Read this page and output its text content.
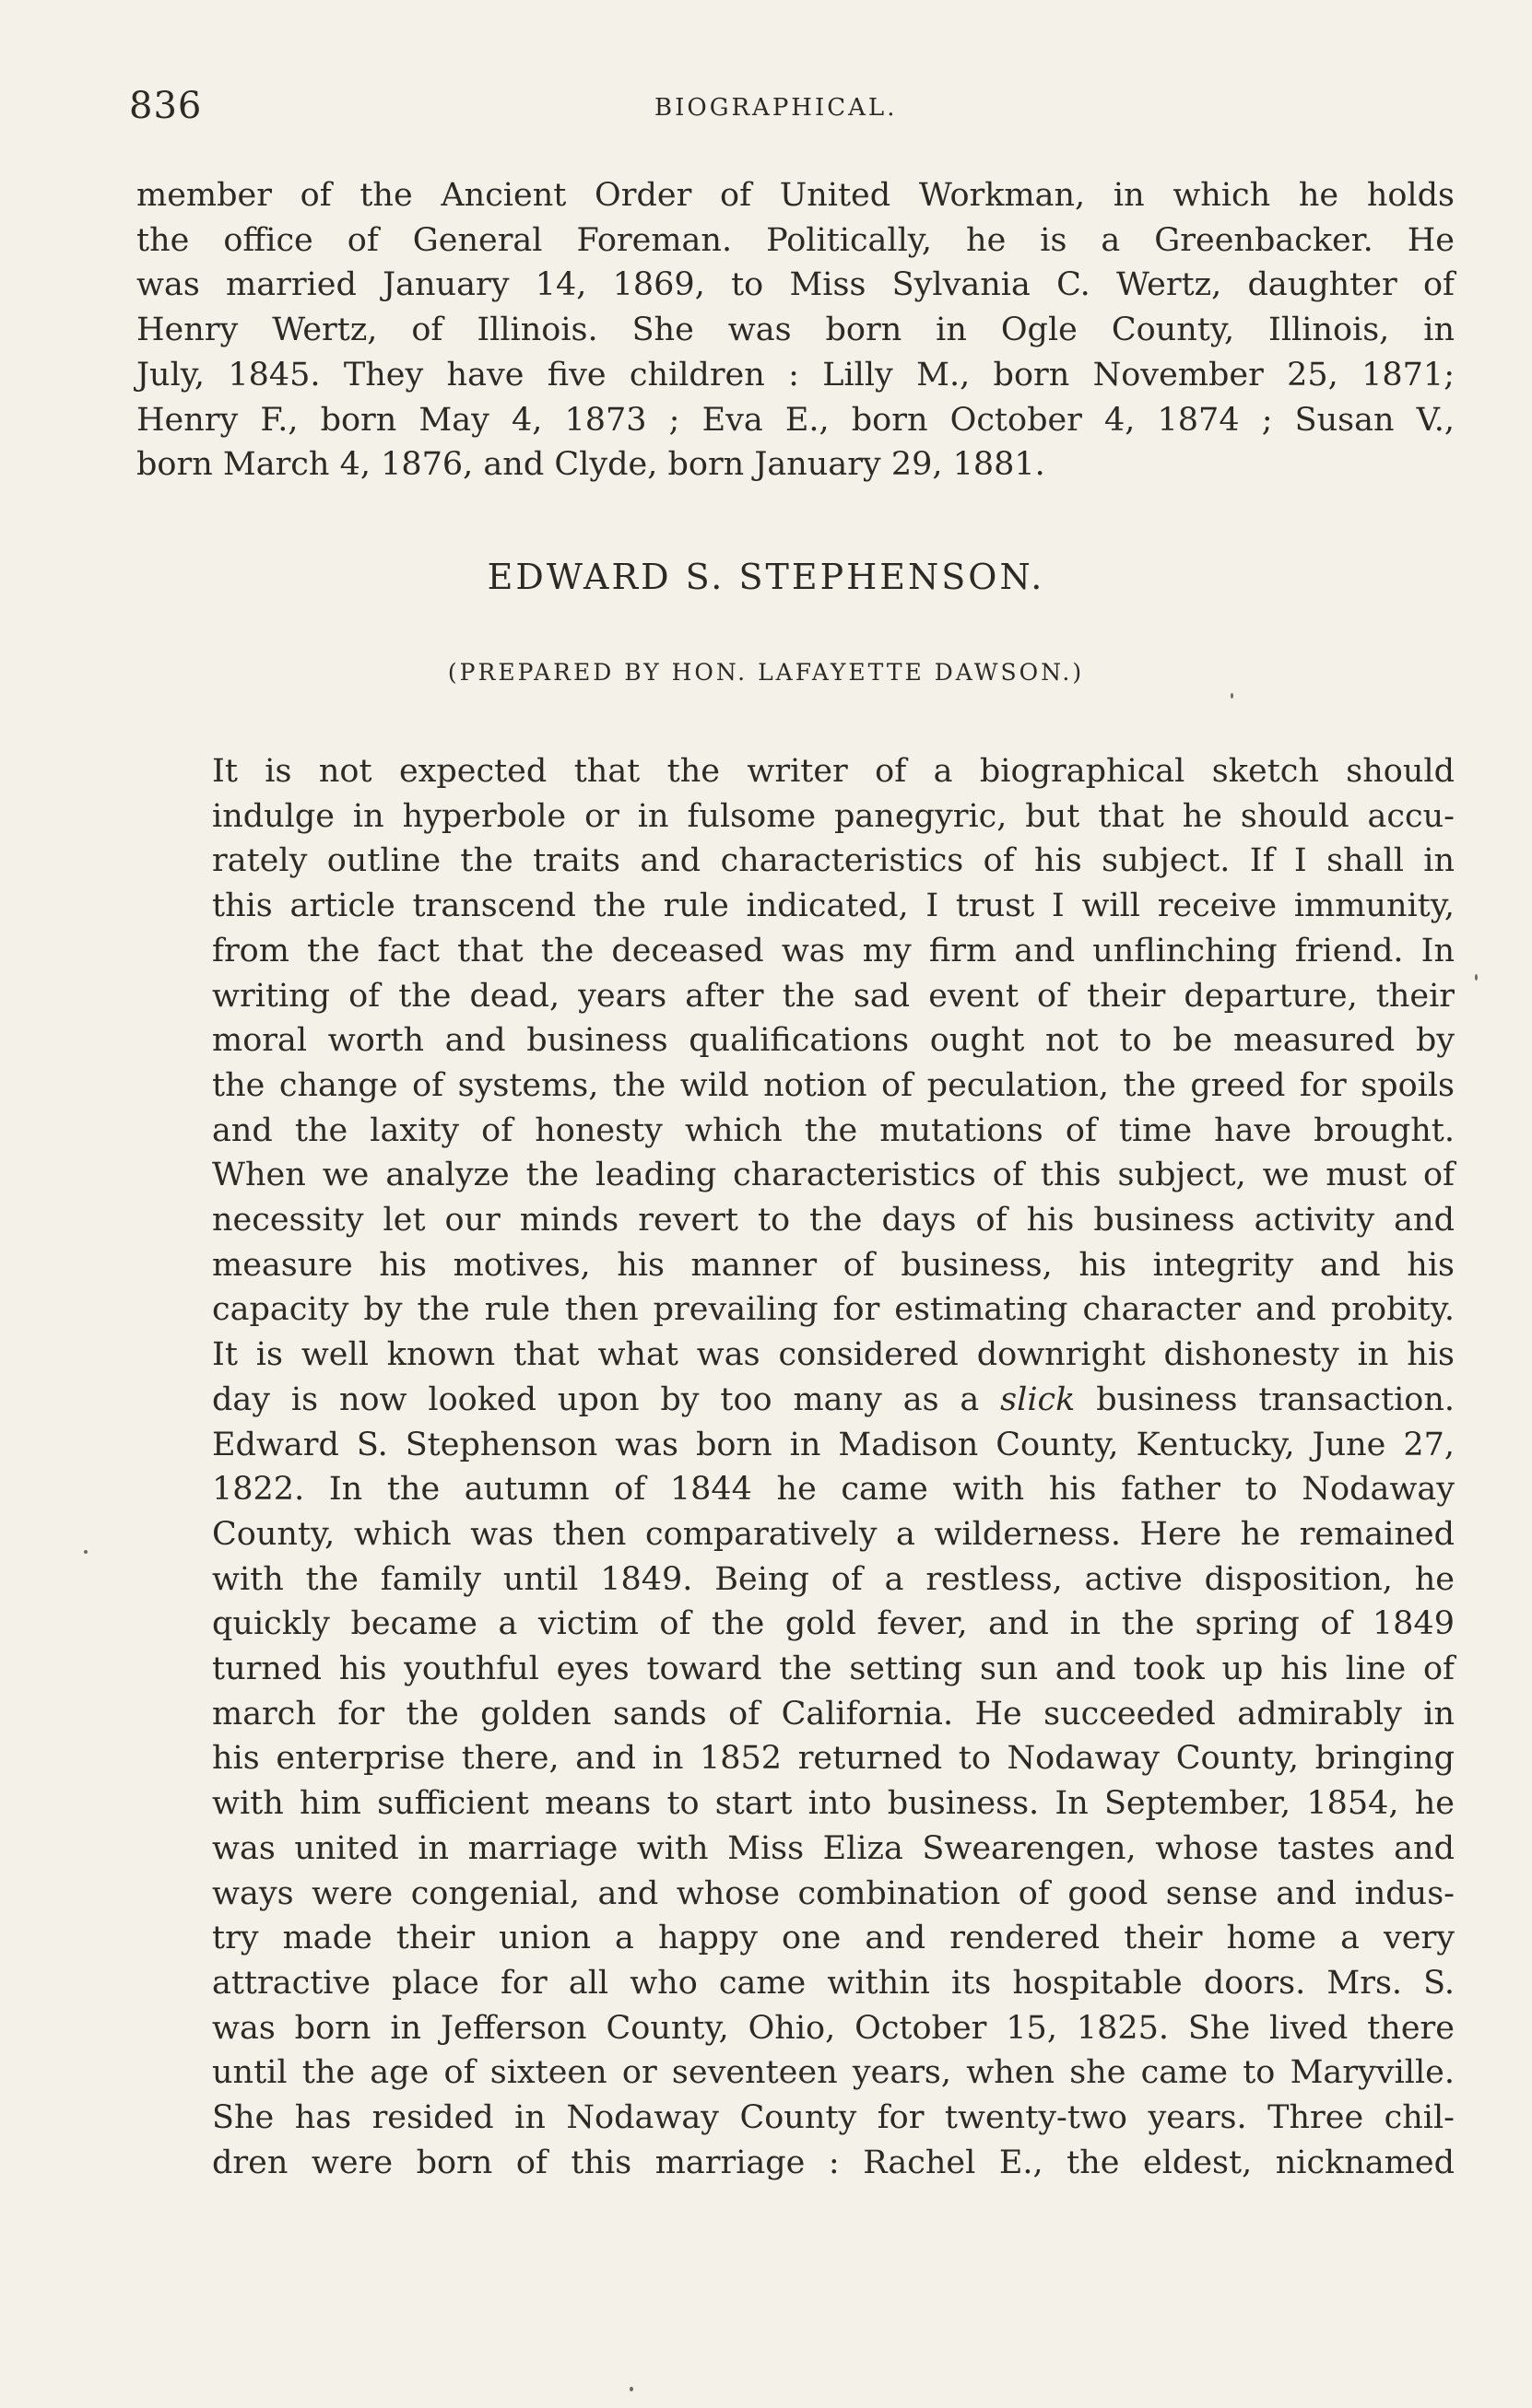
836	BIOGRAPHICAL.

member of the Ancient Order of United Workman, in which he holds
the office of General Foreman. Politically, he is a Greenbacker. He
was married January 14, 1869, to Miss Sylvania C. Wertz, daughter of
Henry Wertz, of Illinois. She was born in Ogle County, Illinois, in
July, 1845. They have five children : Lilly M., born November 25, 1871;
Henry F., born May 4, 1873 ; Eva E., born October 4, 1874 ; Susan V.,
born March 4, 1876, and Clyde, born January 29, 1881.

EDWARD S. STEPHENSON.

(PREPARED BY HON. LAFAYETTE DAWSON.)

It is not expected that the writer of a biographical sketch should
indulge in hyperbole or in fulsome panegyric, but that he should accu-
rately outline the traits and characteristics of his subject. If I shall in
this article transcend the rule indicated, I trust I will receive immunity,
from the fact that the deceased was my firm and unflinching friend. In
writing of the dead, years after the sad event of their departure, their
moral worth and business qualifications ought not to be measured by
the change of systems, the wild notion of peculation, the greed for spoils
and the laxity of honesty which the mutations of time have brought.
When we analyze the leading characteristics of this subject, we must of
necessity let our minds revert to the days of his business activity and
measure his motives, his manner of business, his integrity and his
capacity by the rule then prevailing for estimating character and probity.
It is well known that what was considered downright dishonesty in his
day is now looked upon by too many as a slick business transaction.
Edward S. Stephenson was born in Madison County, Kentucky, June 27,
1822. In the autumn of 1844 he came with his father to Nodaway
County, which was then comparatively a wilderness. Here he remained
with the family until 1849. Being of a restless, active disposition, he
quickly became a victim of the gold fever, and in the spring of 1849
turned his youthful eyes toward the setting sun and took up his line of
march for the golden sands of California. He succeeded admirably in
his enterprise there, and in 1852 returned to Nodaway County, bringing
with him sufficient means to start into business. In September, 1854, he
was united in marriage with Miss Eliza Swearengen, whose tastes and
ways were congenial, and whose combination of good sense and indus-
try made their union a happy one and rendered their home a very
attractive place for all who came within its hospitable doors. Mrs. S.
was born in Jefferson County, Ohio, October 15, 1825. She lived there
until the age of sixteen or seventeen years, when she came to Maryville.
She has resided in Nodaway County for twenty-two years. Three chil-
dren were born of this marriage : Rachel E., the eldest, nicknamed
